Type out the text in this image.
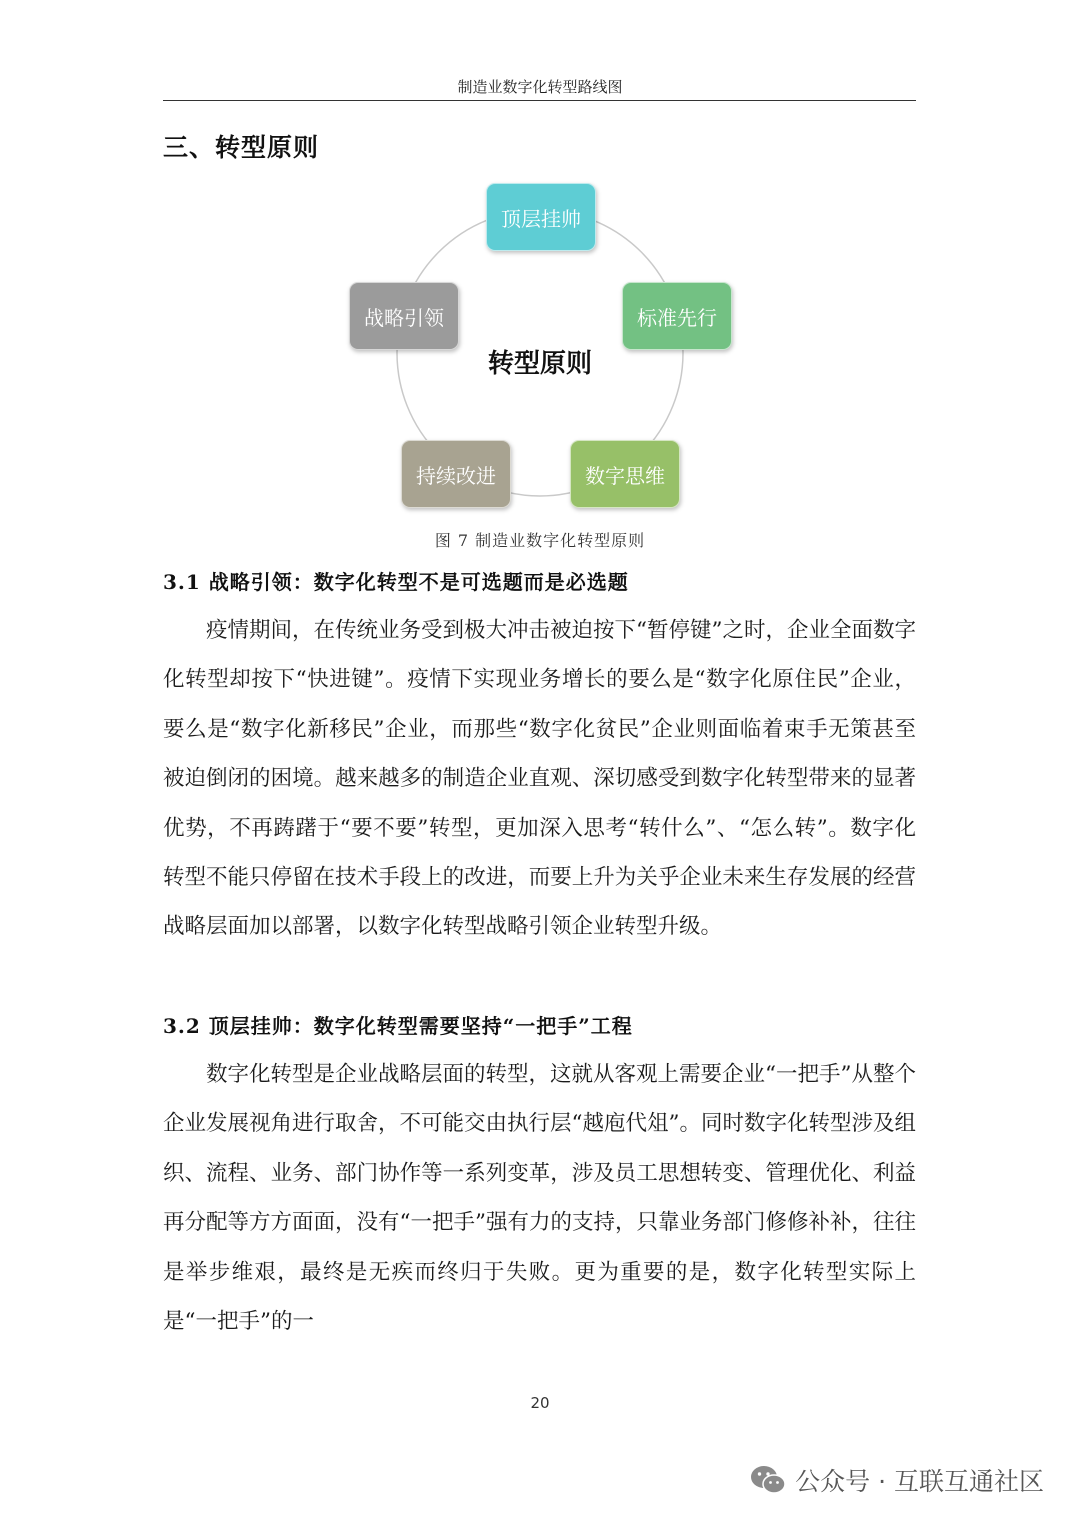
制造业数字化转型路线图
三、转型原则
顶层挂帅
标准先行
数字思维
持续改进
战略引领
转型原则
图 7 制造业数字化转型原则
3.1 战略引领：数字化转型不是可选题而是必选题

疫情期间，在传统业务受到极大冲击被迫按下“暂停键”之时，企业全面数字化转型却按下“快进键”。疫情下实现业务增长的要么是“数字化原住民”企业，要么是“数字化新移民”企业，而那些“数字化贫民”企业则面临着束手无策甚至被迫倒闭的困境。越来越多的制造企业直观、深切感受到数字化转型带来的显著优势，不再踌躇于“要不要”转型，更加深入思考“转什么”、“怎么转”。数字化转型不能只停留在技术手段上的改进，而要上升为关乎企业未来生存发展的经营战略层面加以部署，以数字化转型战略引领企业转型升级。

3.2 顶层挂帅：数字化转型需要坚持“一把手”工程

数字化转型是企业战略层面的转型，这就从客观上需要企业“一把手”从整个企业发展视角进行取舍，不可能交由执行层“越庖代俎”。同时数字化转型涉及组织、流程、业务、部门协作等一系列变革，涉及员工思想转变、管理优化、利益再分配等方方面面，没有“一把手”强有力的支持，只靠业务部门修修补补，往往是举步维艰，最终是无疾而终归于失败。更为重要的是，数字化转型实际上是“一把手”的一

20
公众号 · 互联互通社区
